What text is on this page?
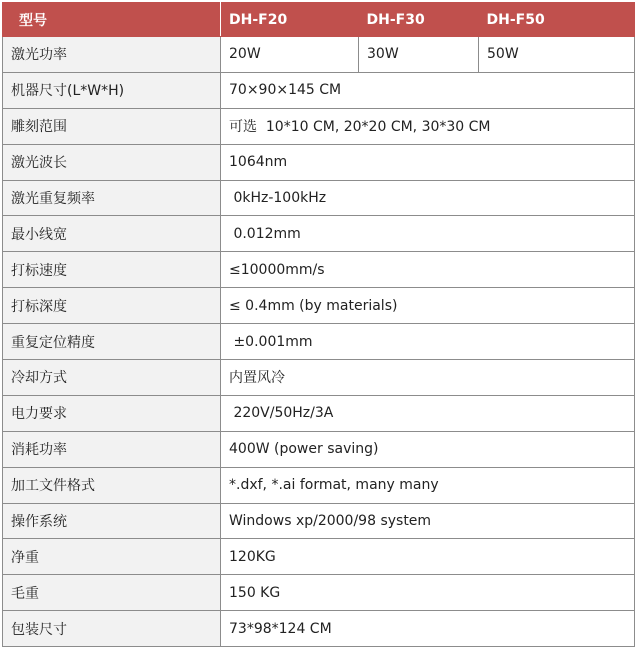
型号	DH-F20	DH-F30	DH-F50
激光功率	20W	30W	50W
机器尺寸(L*W*H)	70×90×145 CM		
雕刻范围	可选  10*10 CM, 20*20 CM, 30*30 CM		
激光波长	1064nm		
激光重复频率	0kHz-100kHz		
最小线宽	0.012mm		
打标速度	≤10000mm/s		
打标深度	≤ 0.4mm (by materials)		
重复定位精度	±0.001mm		
冷却方式	内置风冷		
电力要求	220V/50Hz/3A		
消耗功率	400W (power saving)		
加工文件格式	*.dxf, *.ai format, many many		
操作系统	Windows xp/2000/98 system		
净重	120KG		
毛重	150 KG		
包装尺寸	73*98*124 CM		
